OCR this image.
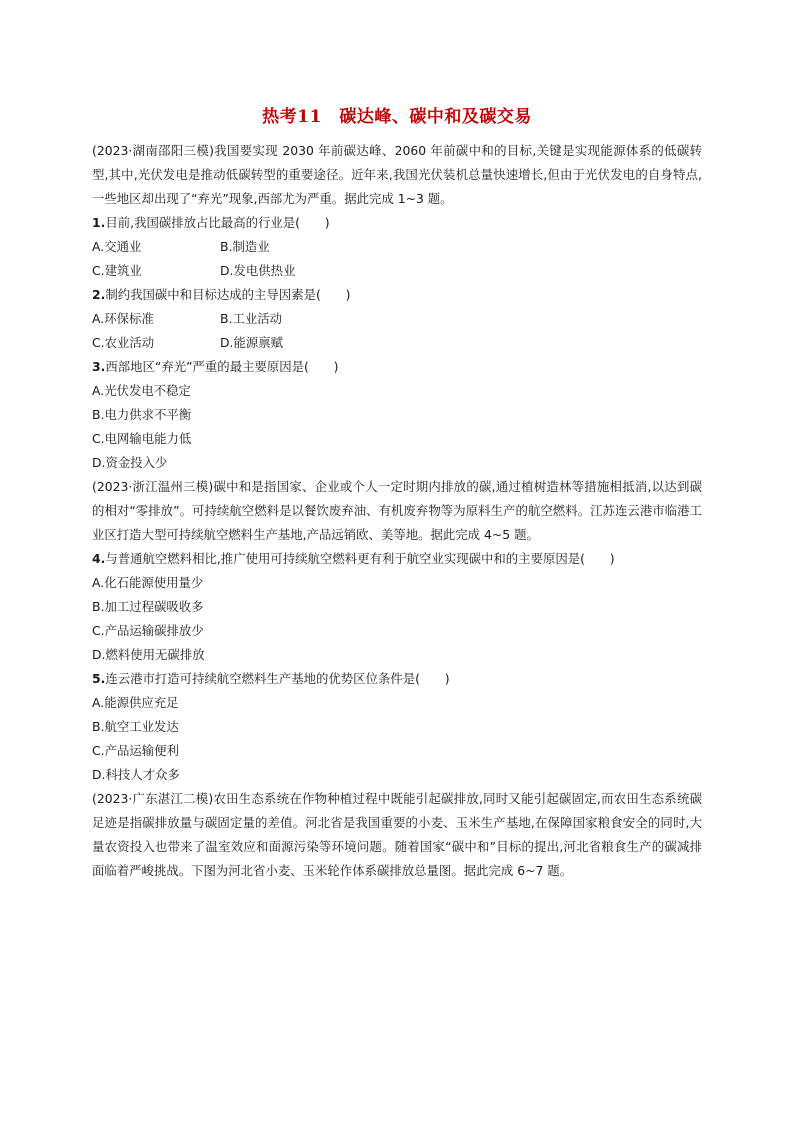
热考11　碳达峰、碳中和及碳交易

(2023·湖南邵阳三模)我国要实现 2030 年前碳达峰、2060 年前碳中和的目标,关键是实现能源体系的低碳转型,其中,光伏发电是推动低碳转型的重要途径。近年来,我国光伏装机总量快速增长,但由于光伏发电的自身特点,一些地区却出现了“弃光”现象,西部尤为严重。据此完成 1~3 题。

1.目前,我国碳排放占比最高的行业是(　　)

A.交通业	B.制造业
C.建筑业	D.发电供热业

2.制约我国碳中和目标达成的主导因素是(　　)

A.环保标准	B.工业活动
C.农业活动	D.能源禀赋

3.西部地区“弃光”严重的最主要原因是(　　)

A.光伏发电不稳定
B.电力供求不平衡
C.电网输电能力低
D.资金投入少

(2023·浙江温州三模)碳中和是指国家、企业或个人一定时期内排放的碳,通过植树造林等措施相抵消,以达到碳的相对“零排放”。可持续航空燃料是以餐饮废弃油、有机废弃物等为原料生产的航空燃料。江苏连云港市临港工业区打造大型可持续航空燃料生产基地,产品远销欧、美等地。据此完成 4~5 题。

4.与普通航空燃料相比,推广使用可持续航空燃料更有利于航空业实现碳中和的主要原因是(　　)

A.化石能源使用量少
B.加工过程碳吸收多
C.产品运输碳排放少
D.燃料使用无碳排放

5.连云港市打造可持续航空燃料生产基地的优势区位条件是(　　)

A.能源供应充足
B.航空工业发达
C.产品运输便利
D.科技人才众多

(2023·广东湛江二模)农田生态系统在作物种植过程中既能引起碳排放,同时又能引起碳固定,而农田生态系统碳足迹是指碳排放量与碳固定量的差值。河北省是我国重要的小麦、玉米生产基地,在保障国家粮食安全的同时,大量农资投入也带来了温室效应和面源污染等环境问题。随着国家“碳中和”目标的提出,河北省粮食生产的碳减排面临着严峻挑战。下图为河北省小麦、玉米轮作体系碳排放总量图。据此完成 6~7 题。
